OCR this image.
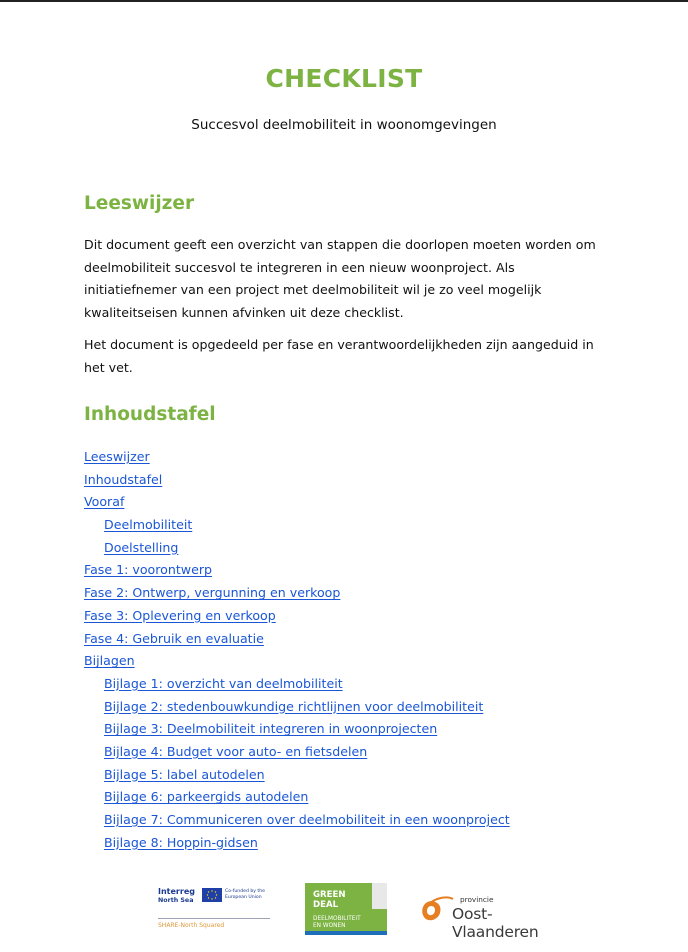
CHECKLIST
Succesvol deelmobiliteit in woonomgevingen
Leeswijzer
Dit document geeft een overzicht van stappen die doorlopen moeten worden om
deelmobiliteit succesvol te integreren in een nieuw woonproject. Als
initiatiefnemer van een project met deelmobiliteit wil je zo veel mogelijk
kwaliteitseisen kunnen afvinken uit deze checklist.
Het document is opgedeeld per fase en verantwoordelijkheden zijn aangeduid in
het vet.
Inhoudstafel
Leeswijzer
Inhoudstafel
Vooraf
Deelmobiliteit
Doelstelling
Fase 1: voorontwerp
Fase 2: Ontwerp, vergunning en verkoop
Fase 3: Oplevering en verkoop
Fase 4: Gebruik en evaluatie
Bijlagen
Bijlage 1: overzicht van deelmobiliteit
Bijlage 2: stedenbouwkundige richtlijnen voor deelmobiliteit
Bijlage 3: Deelmobiliteit integreren in woonprojecten
Bijlage 4: Budget voor auto- en fietsdelen
Bijlage 5: label autodelen
Bijlage 6: parkeergids autodelen
Bijlage 7: Communiceren over deelmobiliteit in een woonproject
Bijlage 8: Hoppin-gidsen
Interreg
North Sea
Co-funded by the European Union
SHARE-North Squared
GREEN
DEAL
DEELMOBILITEIT
EN WONEN
provincie
Oost-Vlaanderen
